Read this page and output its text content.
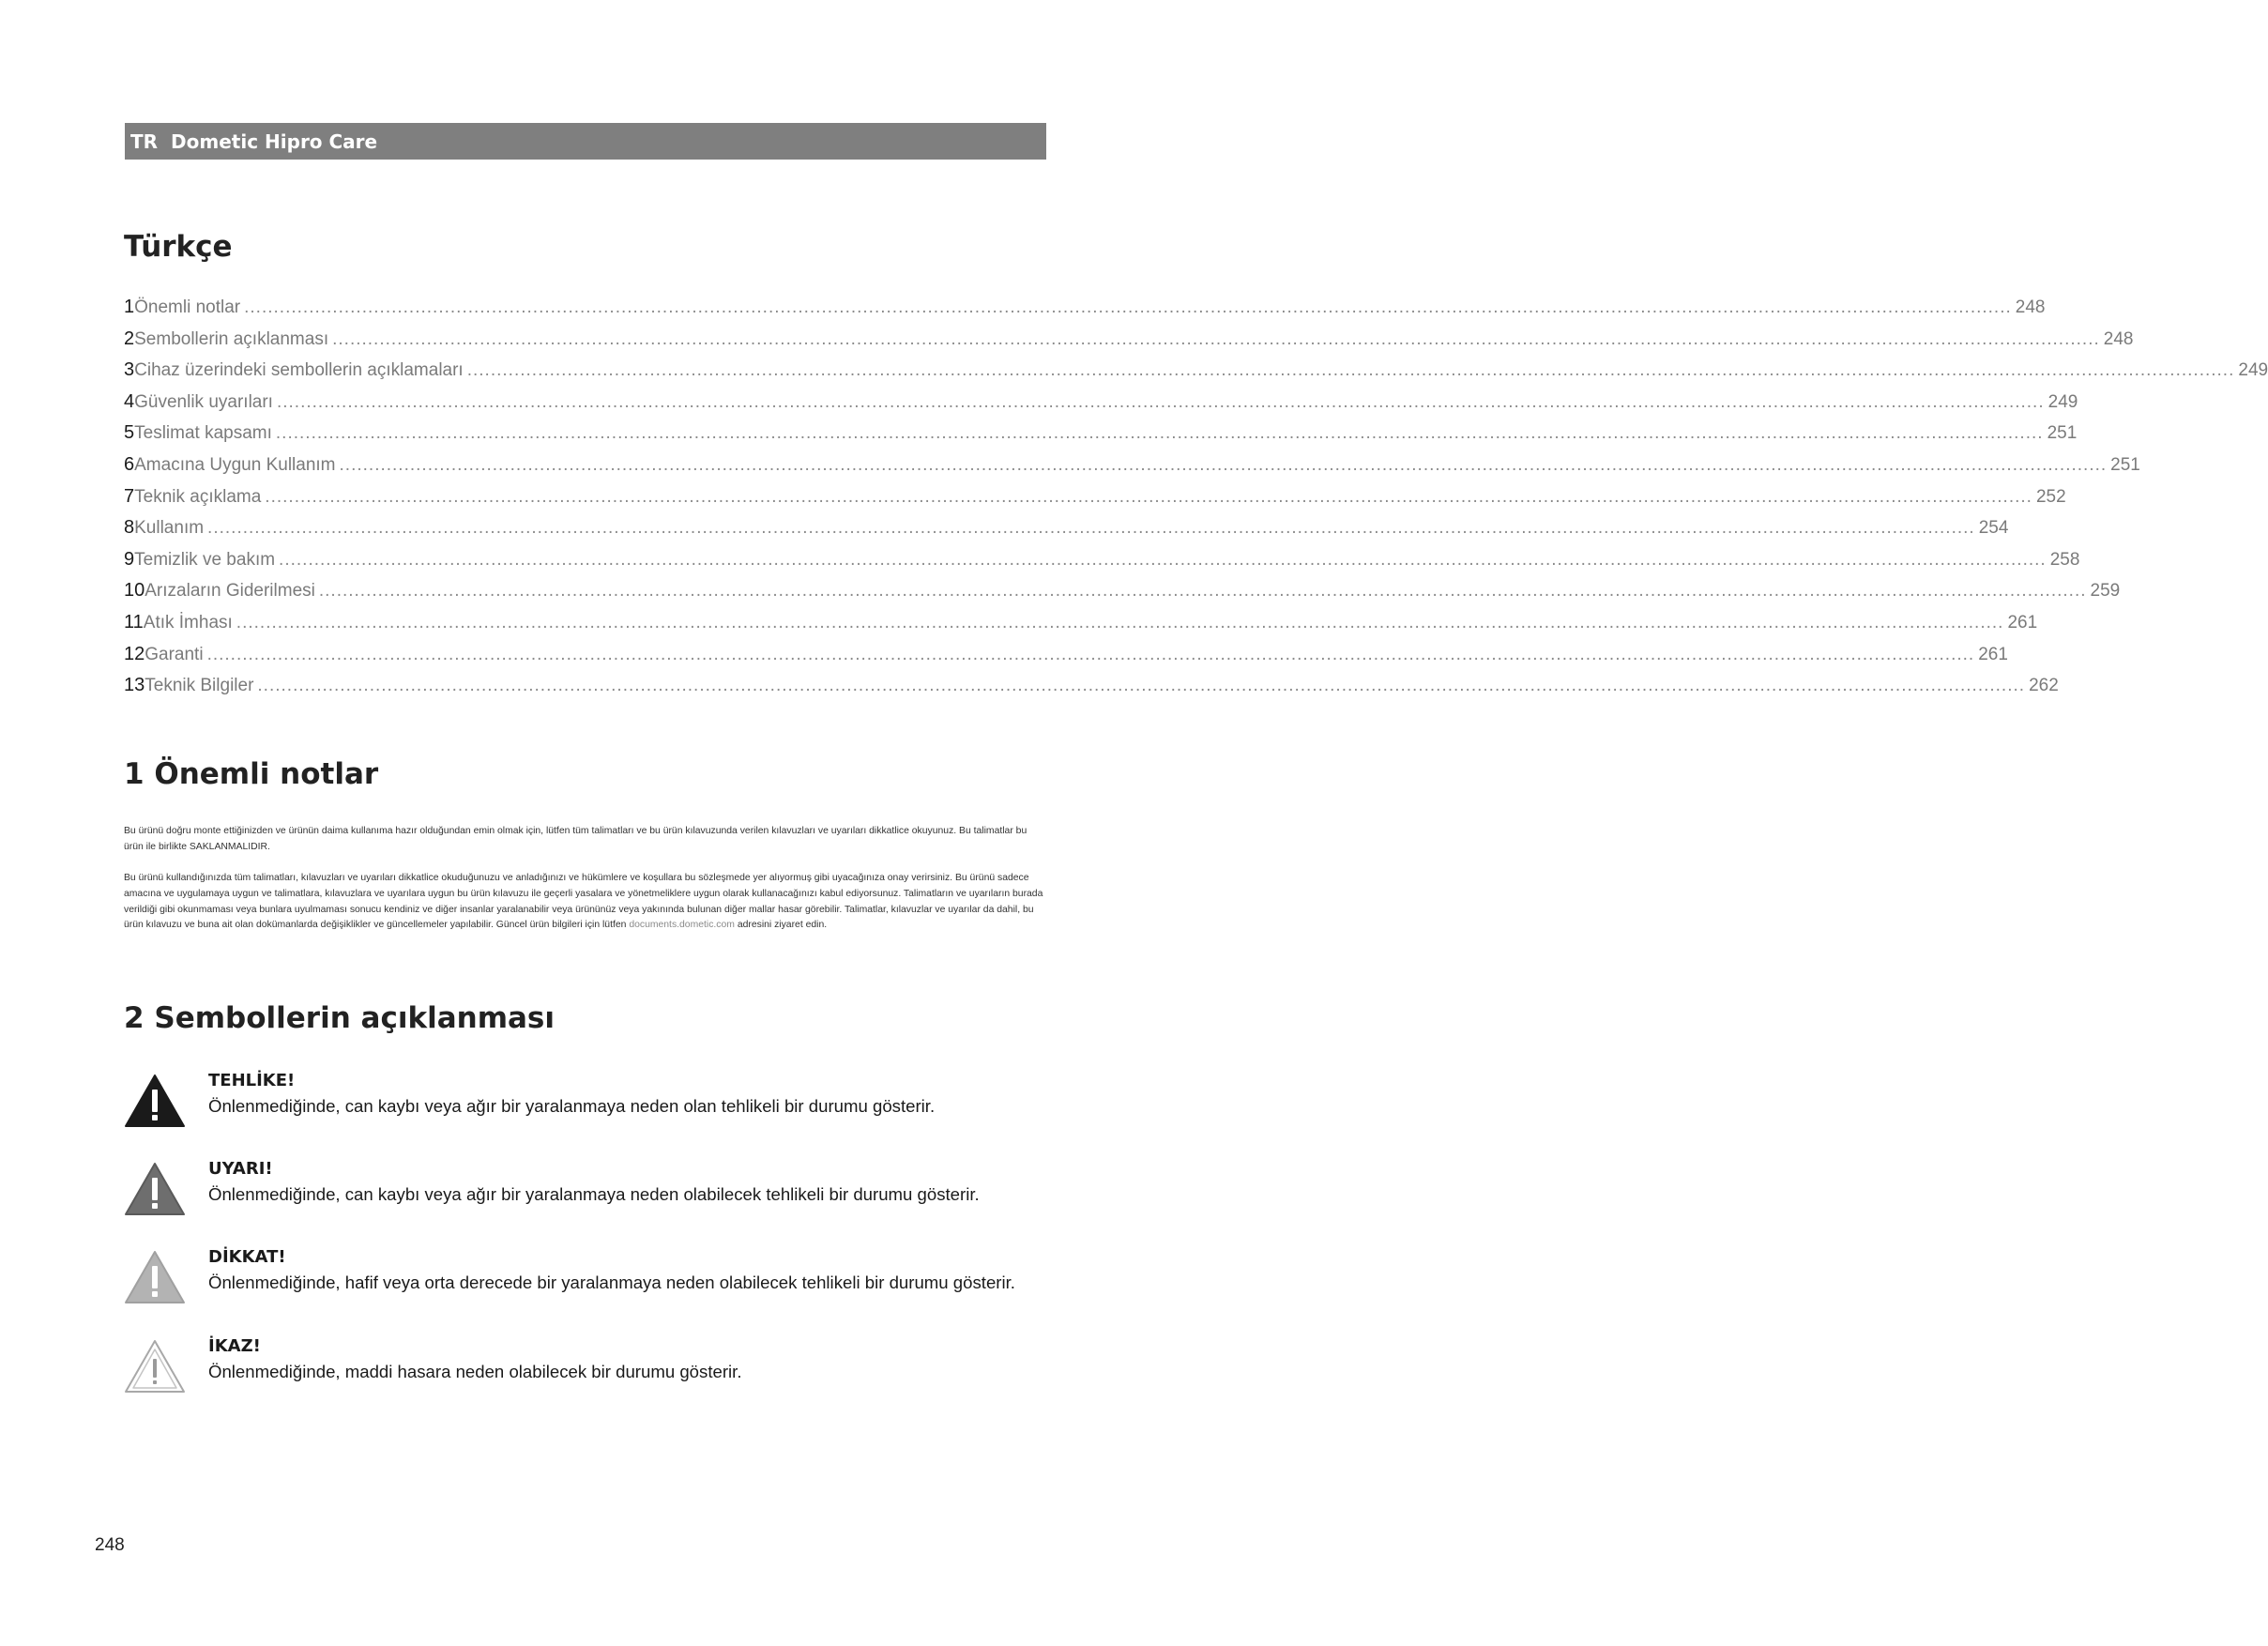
TR Dometic Hipro Care
Türkçe
1 Önemli notlar ............................................................................................................................................................................................................................................................................................................ 248
2 Sembollerin açıklanması ............................................................................................................................................................................................................................................................................................................ 248
3 Cihaz üzerindeki sembollerin açıklamaları ............................................................................................................................................................................................................................................................................................................ 249
4 Güvenlik uyarıları ............................................................................................................................................................................................................................................................................................................ 249
5 Teslimat kapsamı ............................................................................................................................................................................................................................................................................................................ 251
6 Amacına Uygun Kullanım ............................................................................................................................................................................................................................................................................................................ 251
7 Teknik açıklama ............................................................................................................................................................................................................................................................................................................ 252
8 Kullanım ............................................................................................................................................................................................................................................................................................................ 254
9 Temizlik ve bakım ............................................................................................................................................................................................................................................................................................................ 258
10 Arızaların Giderilmesi ............................................................................................................................................................................................................................................................................................................ 259
11 Atık İmhası ............................................................................................................................................................................................................................................................................................................ 261
12 Garanti ............................................................................................................................................................................................................................................................................................................ 261
13 Teknik Bilgiler ............................................................................................................................................................................................................................................................................................................ 262
1 Önemli notlar

Bu ürünü doğru monte ettiğinizden ve ürünün daima kullanıma hazır olduğundan emin olmak için, lütfen tüm talimatları ve bu ürün kılavuzunda verilen kılavuzları ve uyarıları dikkatlice okuyunuz. Bu talimatlar bu ürün ile birlikte SAKLANMALIDIR.

Bu ürünü kullandığınızda tüm talimatları, kılavuzları ve uyarıları dikkatlice okuduğunuzu ve anladığınızı ve hükümlere ve koşullara bu sözleşmede yer alıyormuş gibi uyacağınıza onay verirsiniz. Bu ürünü sadece amacına ve uygulamaya uygun ve talimatlara, kılavuzlara ve uyarılara uygun bu ürün kılavuzu ile geçerli yasalara ve yönetmeliklere uygun olarak kullanacağınızı kabul ediyorsunuz. Talimatların ve uyarıların burada verildiği gibi okunmaması veya bunlara uyulmaması sonucu kendiniz ve diğer insanlar yaralanabilir veya ürününüz veya yakınında bulunan diğer mallar hasar görebilir. Talimatlar, kılavuzlar ve uyarılar da dahil, bu ürün kılavuzu ve buna ait olan dokümanlarda değişiklikler ve güncellemeler yapılabilir. Güncel ürün bilgileri için lütfen documents.dometic.com adresini ziyaret edin.

2 Sembollerin açıklanması
TEHLİKE!
Önlenmediğinde, can kaybı veya ağır bir yaralanmaya neden olan tehlikeli bir durumu gösterir.
UYARI!
Önlenmediğinde, can kaybı veya ağır bir yaralanmaya neden olabilecek tehlikeli bir durumu gösterir.
DİKKAT!
Önlenmediğinde, hafif veya orta derecede bir yaralanmaya neden olabilecek tehlikeli bir durumu gösterir.
İKAZ!
Önlenmediğinde, maddi hasara neden olabilecek bir durumu gösterir.
248
